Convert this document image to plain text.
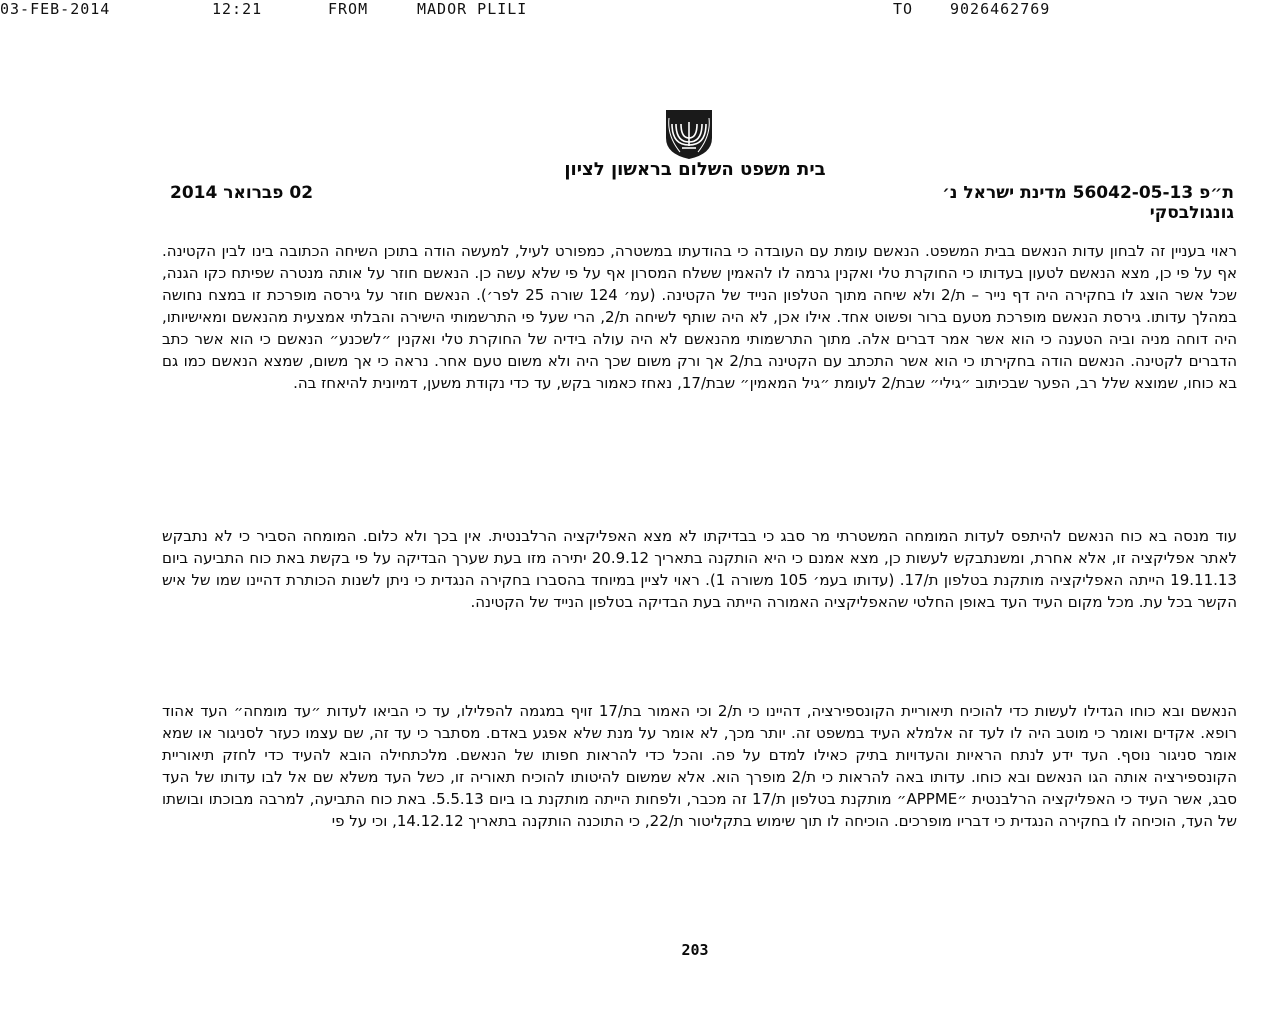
03-FEB-2014	12:21	FROM	MADOR PLILI	TO 9026462769
בית משפט השלום בראשון לציון
ת״פ 56042-05-13 מדינת ישראל נ׳
גונגולבסקי
02 פברואר 2014

ראוי בעניין זה לבחון עדות הנאשם בבית המשפט. הנאשם עומת עם העובדה כי בהודעתו במשטרה, כמפורט לעיל, למעשה הודה בתוכן השיחה הכתובה בינו לבין הקטינה. אף על פי כן, מצא הנאשם לטעון בעדותו כי החוקרת טלי ואקנין גרמה לו להאמין ששלח המסרון אף על פי שלא עשה כן. הנאשם חוזר על אותה מנטרה שפיתח כקו הגנה, שכל אשר הוצג לו בחקירה היה דף נייר – ת/2 ולא שיחה מתוך הטלפון הנייד של הקטינה. (עמ׳ 124 שורה 25 לפר׳). הנאשם חוזר על גירסה מופרכת זו במצח נחושה במהלך עדותו. גירסת הנאשם מופרכת מטעם ברור ופשוט אחד. אילו אכן, לא היה שותף לשיחה ת/2, הרי שעל פי התרשמותי הישירה והבלתי אמצעית מהנאשם ומאישיותו, היה דוחה מניה וביה הטענה כי הוא אשר אמר דברים אלה. מתוך התרשמותי מהנאשם לא היה עולה בידיה של החוקרת טלי ואקנין ״לשכנע״ הנאשם כי הוא אשר כתב הדברים לקטינה. הנאשם הודה בחקירתו כי הוא אשר התכתב עם הקטינה בת/2 אך ורק משום שכך היה ולא משום טעם אחר. נראה כי אך משום, שמצא הנאשם כמו גם בא כוחו, שמוצא שלל רב, הפער שבכיתוב ״גילי״ שבת/2 לעומת ״גיל המאמין״ שבת/17, נאחז כאמור בקש, עד כדי נקודת משען, דמיונית להיאחז בה.

עוד מנסה בא כוח הנאשם להיתפס לעדות המומחה המשטרתי מר סבג כי בבדיקתו לא מצא האפליקציה הרלבנטית. אין בכך ולא כלום. המומחה הסביר כי לא נתבקש לאתר אפליקציה זו, אלא אחרת, ומשנתבקש לעשות כן, מצא אמנם כי היא הותקנה בתאריך 20.9.12 יתירה מזו בעת שערך הבדיקה על פי בקשת באת כוח התביעה ביום 19.11.13 הייתה האפליקציה מותקנת בטלפון ת/17. (עדותו בעמ׳ 105 משורה 1). ראוי לציין במיוחד בהסברו בחקירה הנגדית כי ניתן לשנות הכותרת דהיינו שמו של איש הקשר בכל עת. מכל מקום העיד העד באופן החלטי שהאפליקציה האמורה הייתה בעת הבדיקה בטלפון הנייד של הקטינה.

הנאשם ובא כוחו הגדילו לעשות כדי להוכיח תיאוריית הקונספירציה, דהיינו כי ת/2 וכי האמור בת/17 זויף במגמה להפלילו, עד כי הביאו לעדות ״עד מומחה״ העד אהוד רופא. אקדים ואומר כי מוטב היה לו לעד זה אלמלא העיד במשפט זה. יותר מכך, לא אומר על מנת שלא אפגע באדם. מסתבר כי עד זה, שם עצמו כעזר לסניגור או שמא אומר סניגור נוסף. העד ידע לנתח הראיות והעדויות בתיק כאילו למדם על פה. והכל כדי להראות חפותו של הנאשם. מלכתחילה הובא להעיד כדי לחזק תיאוריית הקונספירציה אותה הגו הנאשם ובא כוחו. עדותו באה להראות כי ת/2 מופרך הוא. אלא שמשום להיטותו להוכיח תאוריה זו, כשל העד משלא שם אל לבו עדותו של העד סבג, אשר העיד כי האפליקציה הרלבנטית ״APPME״ מותקנת בטלפון ת/17 זה מכבר, ולפחות הייתה מותקנת בו ביום 5.5.13. באת כוח התביעה, למרבה מבוכתו ובושתו של העד, הוכיחה לו בחקירה הנגדית כי דבריו מופרכים. הוכיחה לו תוך שימוש בתקליטור ת/22, כי התוכנה הותקנה בתאריך 14.12.12, וכי על פי

203
